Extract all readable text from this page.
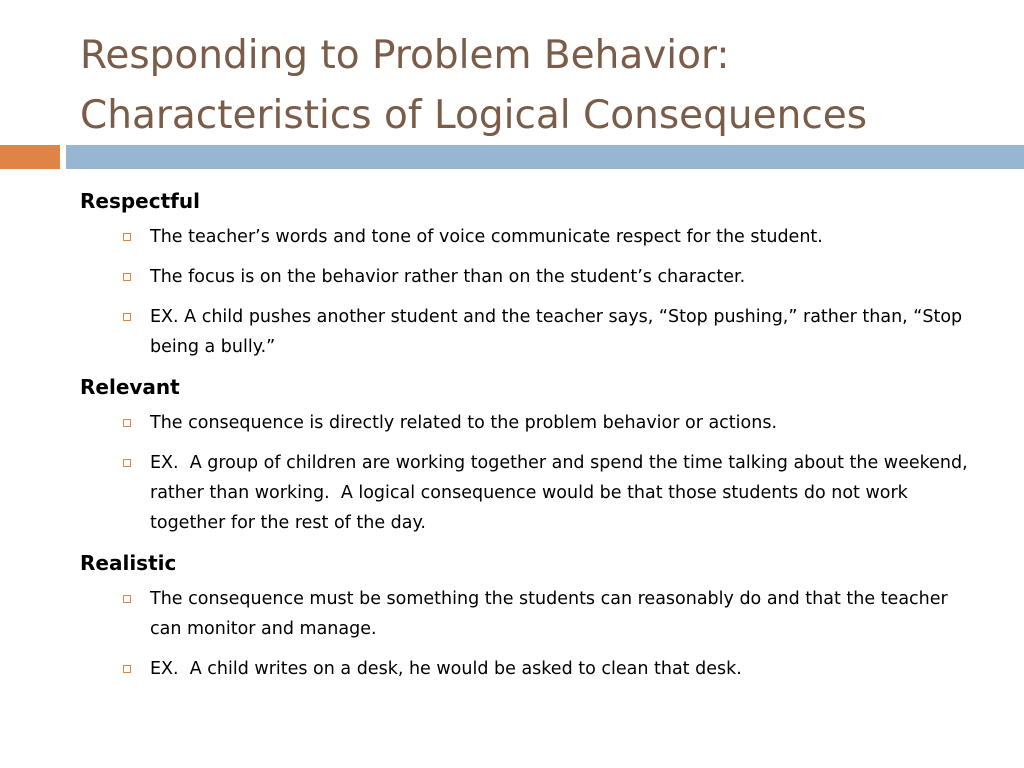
Responding to Problem Behavior:
Characteristics of Logical Consequences
Respectful
The teacher’s words and tone of voice communicate respect for the student.
The focus is on the behavior rather than on the student’s character.
EX. A child pushes another student and the teacher says, “Stop pushing,” rather than, “Stop being a bully.”
Relevant
The consequence is directly related to the problem behavior or actions.
EX.  A group of children are working together and spend the time talking about the weekend, rather than working.  A logical consequence would be that those students do not work together for the rest of the day.
Realistic
The consequence must be something the students can reasonably do and that the teacher can monitor and manage.
EX.  A child writes on a desk, he would be asked to clean that desk.
